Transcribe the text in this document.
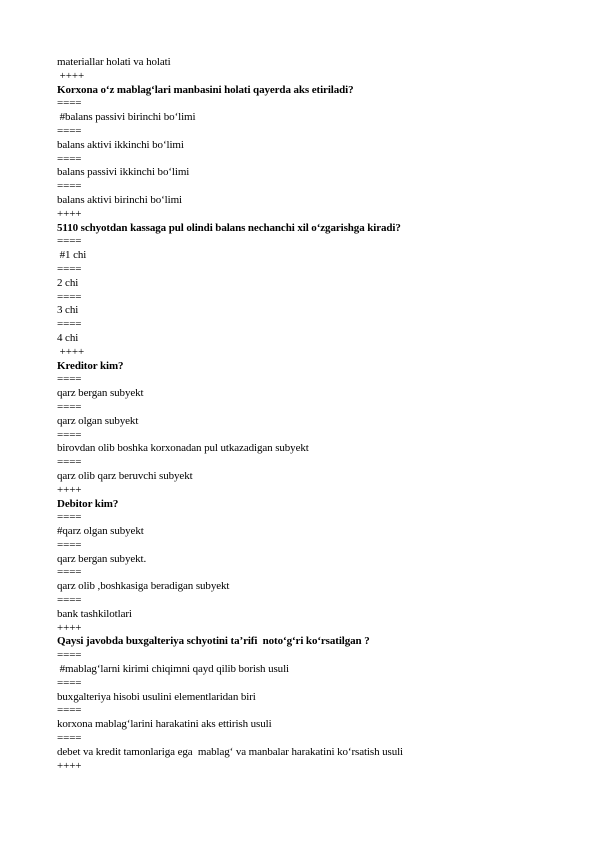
materiallar holati va holati
++++
Korxona o‘z mablag‘lari manbasini holati qayerda aks etiriladi?
====
#balans passivi birinchi bo‘limi
====
balans aktivi ikkinchi bo‘limi
====
balans passivi ikkinchi bo‘limi
====
balans aktivi birinchi bo‘limi
++++
5110 schyotdan kassaga pul olindi balans nechanchi xil o‘zgarishga kiradi?
====
#1 chi
====
2 chi
====
3 chi
====
4 chi
++++
Kreditor kim?
====
qarz bergan subyekt
====
qarz olgan subyekt
====
birovdan olib boshka korxonadan pul utkazadigan subyekt
====
qarz olib qarz beruvchi subyekt
++++
Debitor kim?
====
#qarz olgan subyekt
====
qarz bergan subyekt.
====
qarz olib ,boshkasiga beradigan subyekt
====
bank tashkilotlari
++++
Qaysi javobda buxgalteriya schyotini ta’rifi  noto‘g‘ri ko‘rsatilgan ?
====
#mablag‘larni kirimi chiqimni qayd qilib borish usuli
====
buxgalteriya hisobi usulini elementlaridan biri
====
korxona mablag‘larini harakatini aks ettirish usuli
====
debet va kredit tamonlariga ega  mablag‘ va manbalar harakatini ko‘rsatish usuli
++++
